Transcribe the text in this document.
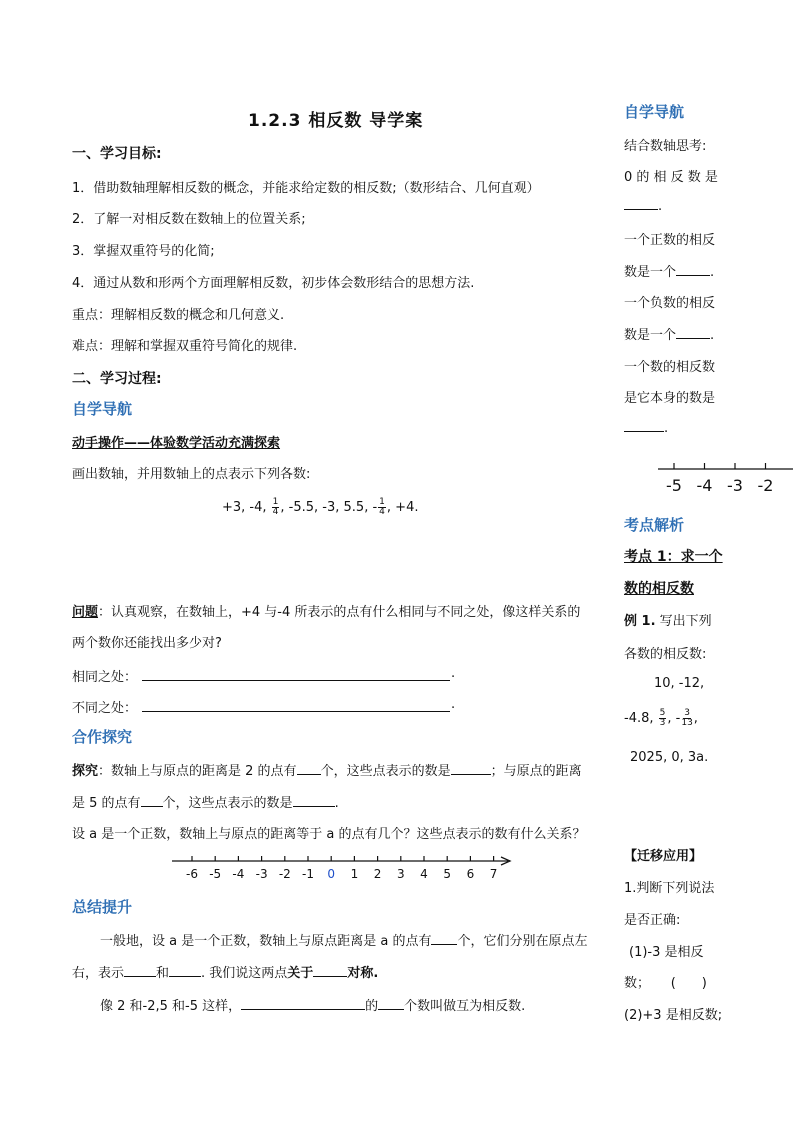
1.2.3 相反数 导学案
一、学习目标:
1．借助数轴理解相反数的概念，并能求给定数的相反数;（数形结合、几何直观）
2．了解一对相反数在数轴上的位置关系;
3．掌握双重符号的化简;
4．通过从数和形两个方面理解相反数，初步体会数形结合的思想方法.
重点：理解相反数的概念和几何意义.
难点：理解和掌握双重符号简化的规律.
二、学习过程:
自学导航
动手操作——体验数学活动充满探索
画出数轴，并用数轴上的点表示下列各数:
+3, -4, $\frac{1}{4}$ , -5.5, -3, 5.5, - $\frac{1}{4}$ , +4.
问题：认真观察，在数轴上，+4 与-4 所表示的点有什么相同与不同之处，像这样关系的
两个数你还能找出多少对?
相同之处：	.
不同之处：	.
合作探究
探究：数轴上与原点的距离是 2 的点有 个，这些点表示的数是	；与原点的距离
是 5 的点有 个，这些点表示的数是	.
设 a 是一个正数，数轴上与原点的距离等于 a 的点有几个？这些点表示的数有什么关系？
-6 -5 -4 -3 -2 -1 0 1 2 3 4 5 6 7
总结提升
一般地，设 a 是一个正数，数轴上与原点距离是 a 的点有 个，它们分别在原点左
右，表示 和 . 我们说这两点关于	对称.
像 2 和-2,5 和-5 这样，	的 个数叫做互为相反数.
自学导航
结合数轴思考:
0 的 相 反 数 是
.
一个正数的相反
数是一个	.
一个负数的相反
数是一个	.
一个数的相反数
是它本身的数是
.
-5 -4 -3 -2
考点解析
考点 1：求一个
数的相反数
例 1. 写出下列
各数的相反数:
10, -12,
-4.8, $\frac{5}{3}$ , - $\frac{3}{13}$ ,
2025, 0, 3a.
【迁移应用】
1.判断下列说法
是否正确:
(1)-3 是相反
数； (　　)
(2)+3 是相反数;
